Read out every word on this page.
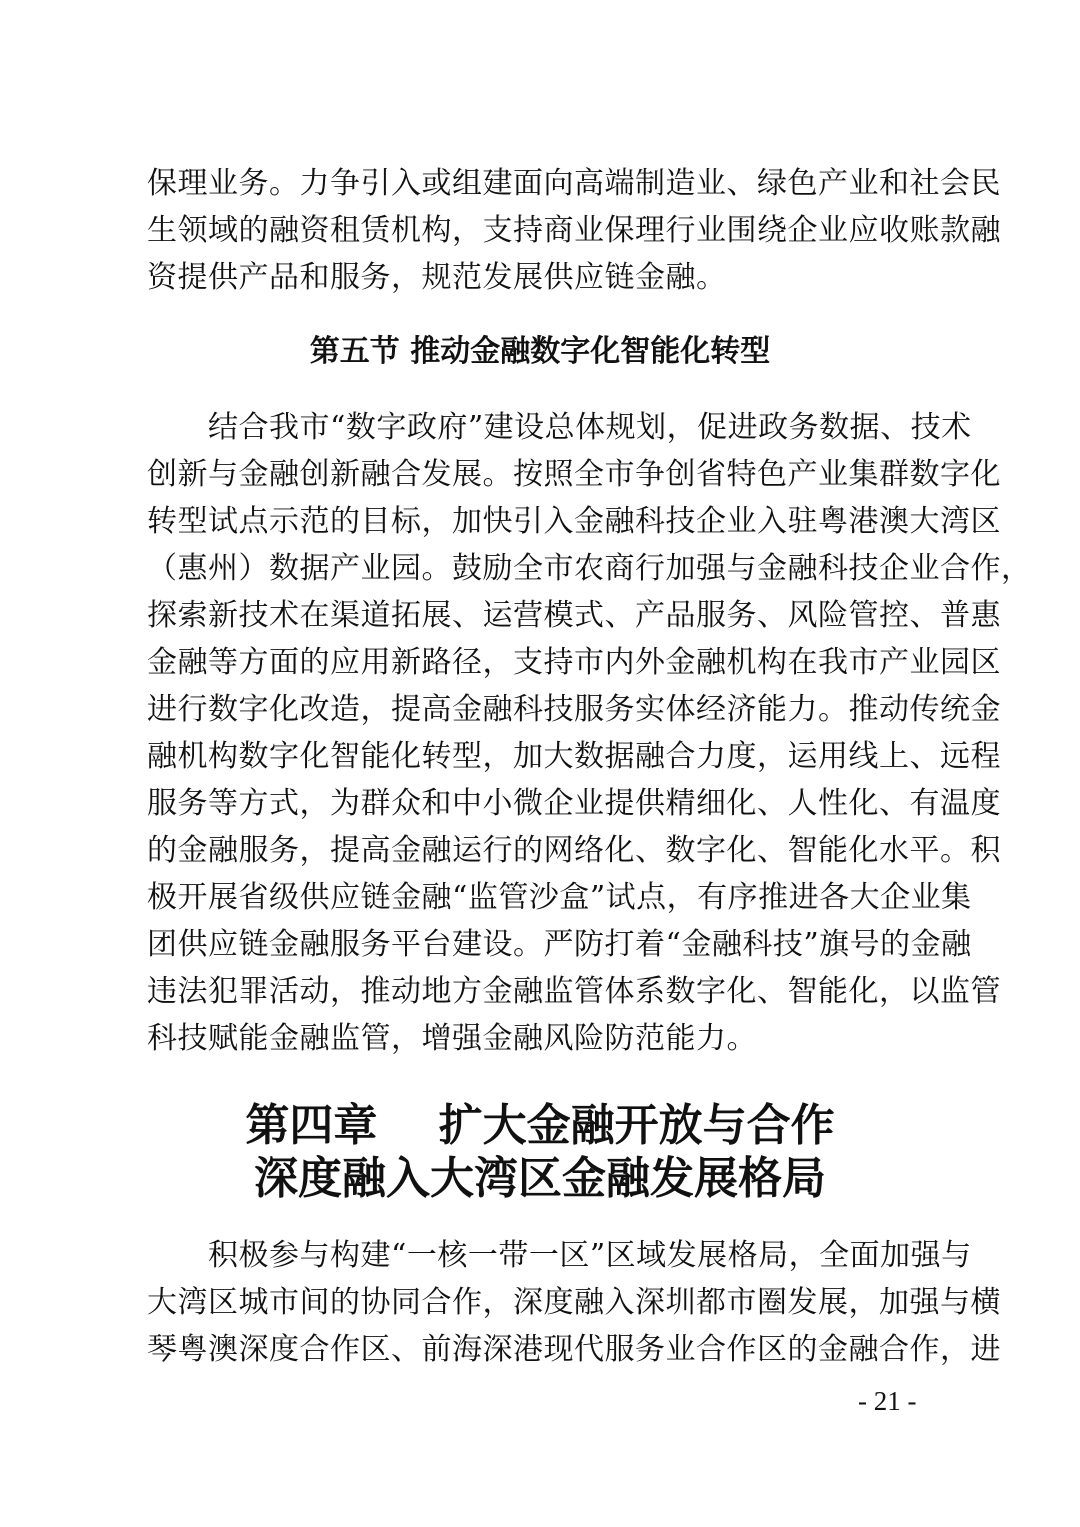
保理业务。力争引入或组建面向高端制造业、绿色产业和社会民
生领域的融资租赁机构，支持商业保理行业围绕企业应收账款融
资提供产品和服务，规范发展供应链金融。
第五节 推动金融数字化智能化转型
　　结合我市“数字政府”建设总体规划，促进政务数据、技术
创新与金融创新融合发展。按照全市争创省特色产业集群数字化
转型试点示范的目标，加快引入金融科技企业入驻粤港澳大湾区
（惠州）数据产业园。鼓励全市农商行加强与金融科技企业合作，
探索新技术在渠道拓展、运营模式、产品服务、风险管控、普惠
金融等方面的应用新路径，支持市内外金融机构在我市产业园区
进行数字化改造，提高金融科技服务实体经济能力。推动传统金
融机构数字化智能化转型，加大数据融合力度，运用线上、远程
服务等方式，为群众和中小微企业提供精细化、人性化、有温度
的金融服务，提高金融运行的网络化、数字化、智能化水平。积
极开展省级供应链金融“监管沙盒”试点，有序推进各大企业集
团供应链金融服务平台建设。严防打着“金融科技”旗号的金融
违法犯罪活动，推动地方金融监管体系数字化、智能化，以监管
科技赋能金融监管，增强金融风险防范能力。
第四章    扩大金融开放与合作
深度融入大湾区金融发展格局
　　积极参与构建“一核一带一区”区域发展格局，全面加强与
大湾区城市间的协同合作，深度融入深圳都市圈发展，加强与横
琴粤澳深度合作区、前海深港现代服务业合作区的金融合作，进
- 21 -
